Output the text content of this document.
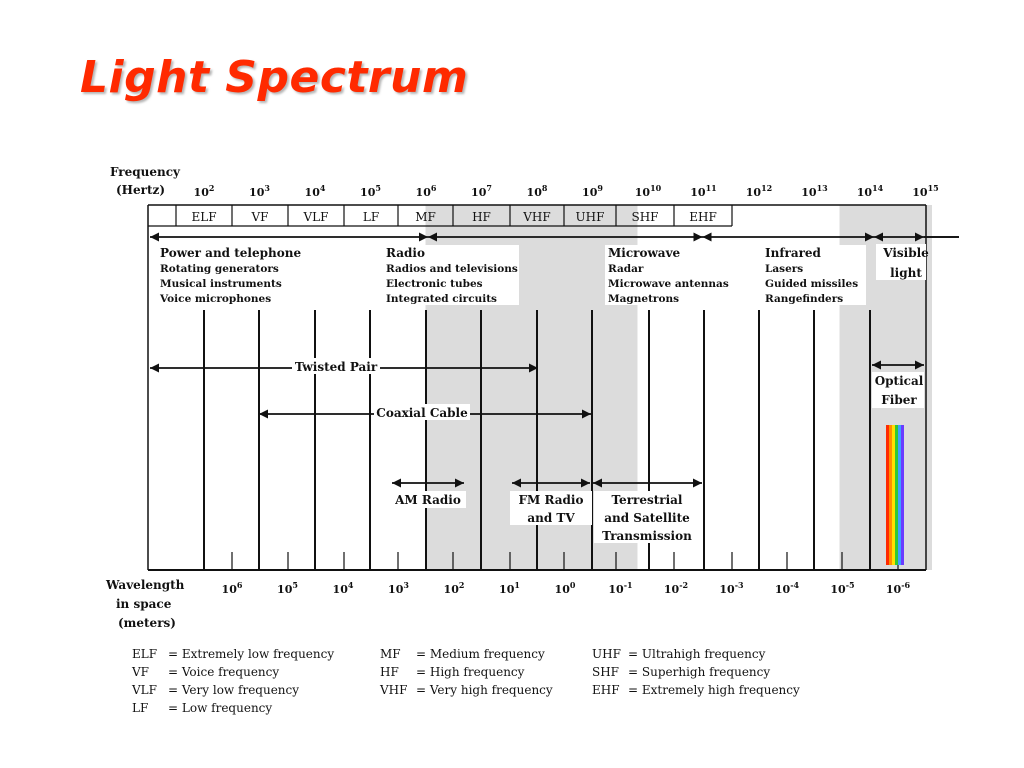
Light Spectrum
ELF	VF	VLF	LF	MF	HF	VHF UHF SHF	EHF
Frequency
(Hertz)	$10^2$	$10^3$	$10^4$	$10^5$	$10^6$	$10^7$	$10^8$	$10^9$	$10^{10}$	$10^{11}$	$10^{12}$	$10^{13}$	$10^{14}$	$10^{15}$
Wavelength
in space
(meters)
$10^6$	$10^5$	$10^4$	$10^3$	$10^2$	$10^1$	$10^0$	$10^{-1}$	$10^{-2}$	$10^{-3}$	$10^{-4}$	$10^{-5}$	$10^{-6}$
Power and telephone
Rotating generators
Musical instruments
Voice microphones
Radio
Radios and televisions
Electronic tubes
Integrated circuits
Microwave
Radar
Microwave antennas
Magnetrons
Infrared
Lasers
Guided missiles
Rangefinders
Visible
light
Twisted Pair
Coaxial Cable
AM Radio	FM Radio
and TV
Terrestrial
and Satellite
Transmission
Optical
Fiber
ELF = Extremely low frequency
VF = Voice frequency
VLF = Very low frequency
LF = Low frequency
MF = Medium frequency
HF = High frequency
VHF = Very high frequency
UHF = Ultrahigh frequency
SHF = Superhigh frequency
EHF = Extremely high frequency
